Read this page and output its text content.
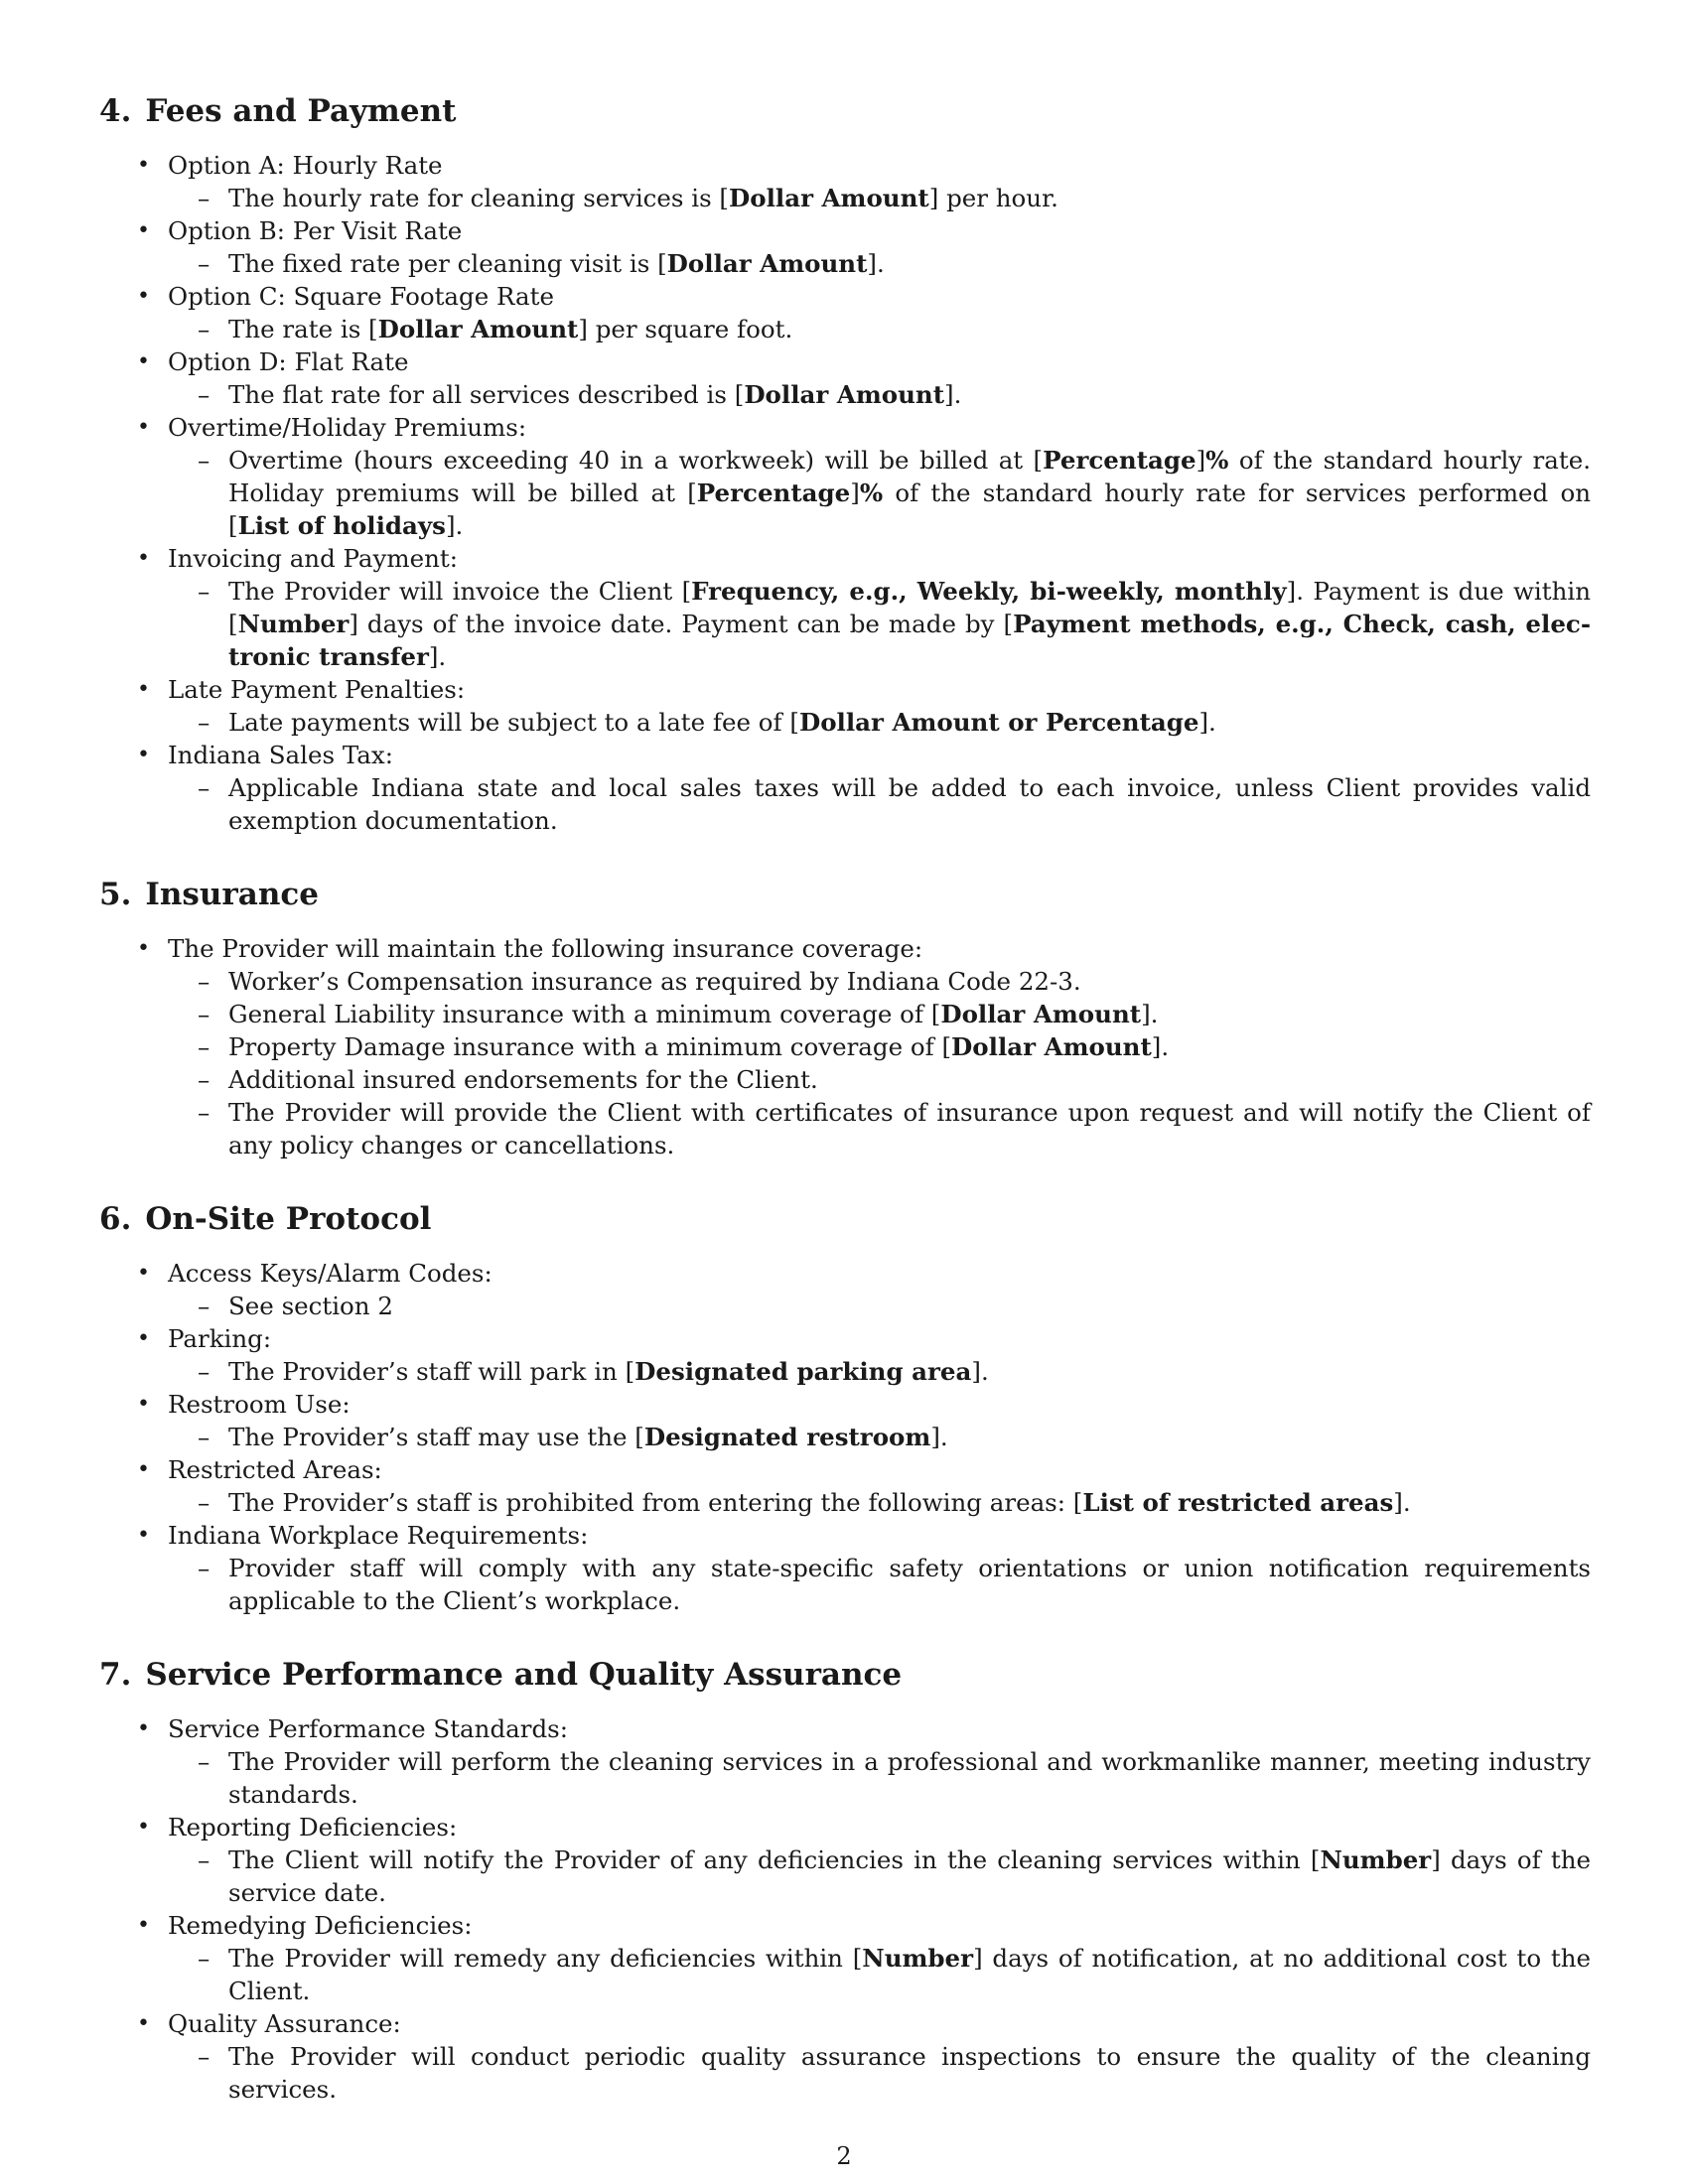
4. Fees and Payment
• Option A: Hourly Rate
– The hourly rate for cleaning services is [Dollar Amount] per hour.
• Option B: Per Visit Rate
– The fixed rate per cleaning visit is [Dollar Amount].
• Option C: Square Footage Rate
– The rate is [Dollar Amount] per square foot.
• Option D: Flat Rate
– The flat rate for all services described is [Dollar Amount].
• Overtime/Holiday Premiums:
– Overtime (hours exceeding 40 in a workweek) will be billed at [Percentage]% of the standard hourly rate. Holiday premiums will be billed at [Percentage]% of the standard hourly rate for services performed on [List of holidays].
• Invoicing and Payment:
– The Provider will invoice the Client [Frequency, e.g., Weekly, bi-weekly, monthly]. Payment is due within [Number] days of the invoice date. Payment can be made by [Payment methods, e.g., Check, cash, electronic transfer].
• Late Payment Penalties:
– Late payments will be subject to a late fee of [Dollar Amount or Percentage].
• Indiana Sales Tax:
– Applicable Indiana state and local sales taxes will be added to each invoice, unless Client provides valid exemption documentation.
5. Insurance
• The Provider will maintain the following insurance coverage:
– Worker’s Compensation insurance as required by Indiana Code 22-3.
– General Liability insurance with a minimum coverage of [Dollar Amount].
– Property Damage insurance with a minimum coverage of [Dollar Amount].
– Additional insured endorsements for the Client.
– The Provider will provide the Client with certificates of insurance upon request and will notify the Client of any policy changes or cancellations.
6. On-Site Protocol
• Access Keys/Alarm Codes:
– See section 2
• Parking:
– The Provider’s staff will park in [Designated parking area].
• Restroom Use:
– The Provider’s staff may use the [Designated restroom].
• Restricted Areas:
– The Provider’s staff is prohibited from entering the following areas: [List of restricted areas].
• Indiana Workplace Requirements:
– Provider staff will comply with any state-specific safety orientations or union notification requirements applicable to the Client’s workplace.
7. Service Performance and Quality Assurance
• Service Performance Standards:
– The Provider will perform the cleaning services in a professional and workmanlike manner, meeting industry standards.
• Reporting Deficiencies:
– The Client will notify the Provider of any deficiencies in the cleaning services within [Number] days of the service date.
• Remedying Deficiencies:
– The Provider will remedy any deficiencies within [Number] days of notification, at no additional cost to the Client.
• Quality Assurance:
– The Provider will conduct periodic quality assurance inspections to ensure the quality of the cleaning services.
2
